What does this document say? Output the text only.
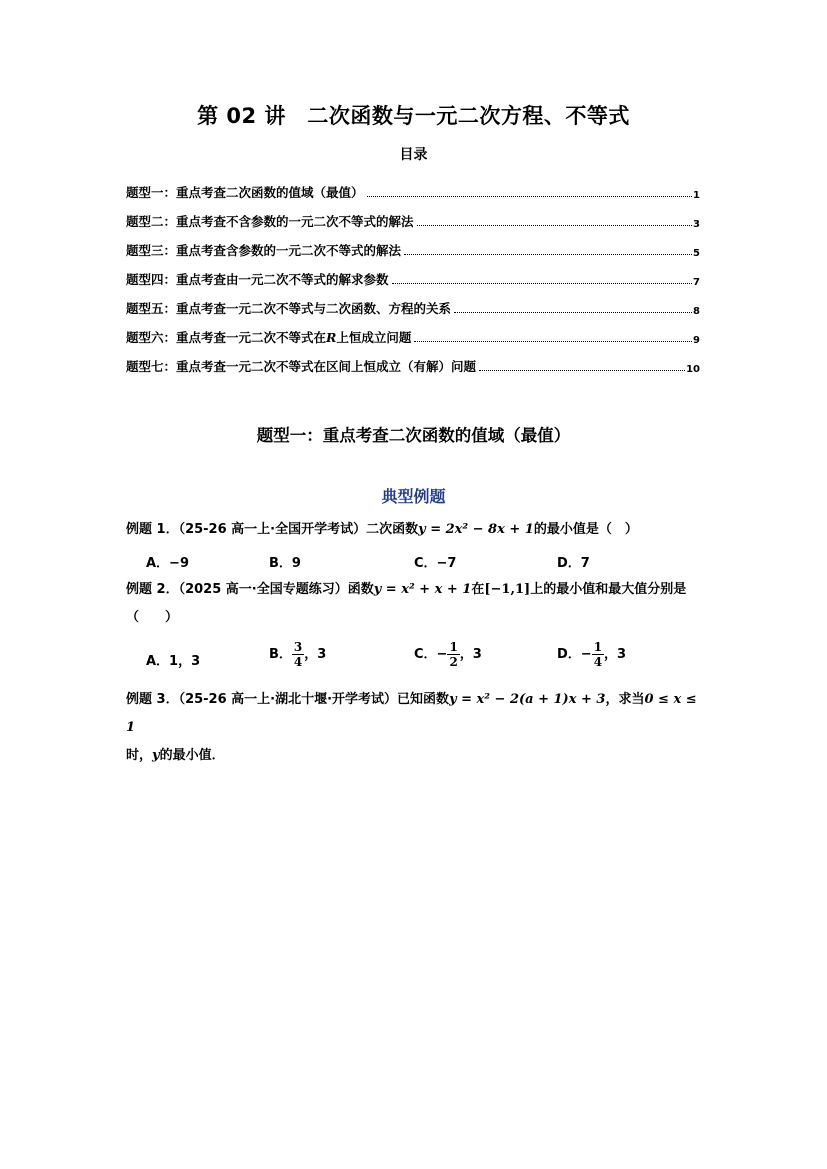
第 02 讲　二次函数与一元二次方程、不等式
目录
题型一：重点考查二次函数的值域（最值）	1
题型二：重点考查不含参数的一元二次不等式的解法	3
题型三：重点考查含参数的一元二次不等式的解法	5
题型四：重点考查由一元二次不等式的解求参数	7
题型五：重点考查一元二次不等式与二次函数、方程的关系	8
题型六：重点考查一元二次不等式在R上恒成立问题	9
题型七：重点考查一元二次不等式在区间上恒成立（有解）问题	10
题型一：重点考查二次函数的值域（最值）
典型例题
例题 1．（25-26 高一上·全国开学考试）二次函数y = 2x² − 8x + 1的最小值是（　）
A．−9	B．9	C．−7	D．7
例题 2．（2025 高一·全国专题练习）函数y = x² + x + 1在[−1,1]上的最小值和最大值分别是
（　　）
A．1，3	B． $\frac{3}{4}$ ，3	C．− $\frac{1}{2}$ ，3	D．− $\frac{1}{4}$ ，3
例题 3．（25-26 高一上·湖北十堰·开学考试）已知函数y = x² − 2(a + 1)x + 3，求当0 ≤ x ≤ 1
时，y的最小值．
